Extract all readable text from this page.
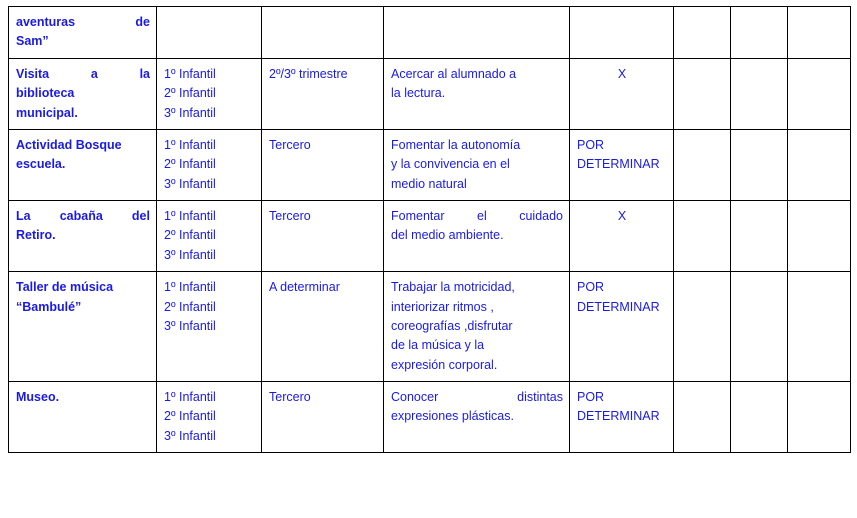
aventuras de
Sam”							

Visita a la
biblioteca
municipal.	1º Infantil
2º Infantil
3º Infantil	2º/3º trimestre	Acercar al alumnado a
la lectura.	X			

Actividad Bosque
escuela.	1º Infantil
2º Infantil
3º Infantil	Tercero	Fomentar la autonomía
y la convivencia en el
medio natural	POR DETERMINAR			

La cabaña del
Retiro.	1º Infantil
2º Infantil
3º Infantil	Tercero	Fomentar el cuidado
del medio ambiente.	X			

Taller de música
“Bambulé”	1º Infantil
2º Infantil
3º Infantil	A determinar	Trabajar la motricidad,
interiorizar ritmos ,
coreografías ,disfrutar
de la música y la
expresión corporal.	POR DETERMINAR			

Museo.	1º Infantil
2º Infantil
3º Infantil	Tercero	Conocer distintas
expresiones plásticas.	POR DETERMINAR			
